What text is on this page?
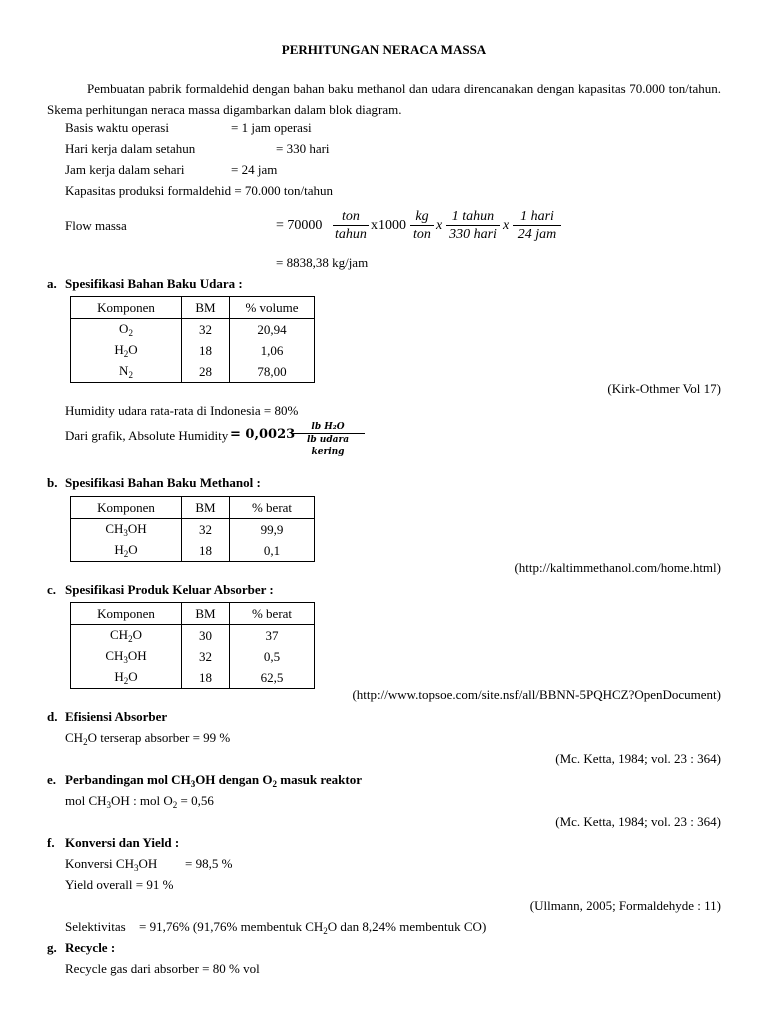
PERHITUNGAN NERACA MASSA
Pembuatan pabrik formaldehid dengan bahan baku methanol dan udara direncanakan dengan kapasitas 70.000 ton/tahun. Skema perhitungan neraca massa digambarkan dalam blok diagram.
Basis waktu operasi	= 1 jam operasi
Hari kerja dalam setahun	= 330 hari
Jam kerja dalam sehari	= 24 jam
Kapasitas produksi formaldehid = 70.000 ton/tahun
Flow massa	= 70000
ton
tahun
x1000
kg
ton
x
1 tahun
330 hari
x
1 hari
24 jam
= 8838,38 kg/jam
a. Spesifikasi Bahan Baku Udara :
Komponen	BM	% volume
$O_2$	32	20,94
$H_2O$	18	1,06
$N_2$	28	78,00
(Kirk-Othmer Vol 17)
Humidity udara rata-rata di Indonesia = 80%
Dari grafik, Absolute Humidity = 0,0023	lb H₂O
lb udara kering
b. Spesifikasi Bahan Baku Methanol :
Komponen	BM	% berat
$CH_3OH$	32	99,9
$H_2O$	18	0,1
(http://kaltimmethanol.com/home.html)
c. Spesifikasi Produk Keluar Absorber :
Komponen	BM	% berat
$CH_2O$	30	37
$CH_3OH$	32	0,5
$H_2O$	18	62,5
(http://www.topsoe.com/site.nsf/all/BBNN-5PQHCZ?OpenDocument)
d. Efisiensi Absorber
$CH_2O$ terserap absorber = 99 %
(Mc. Ketta, 1984; vol. 23 : 364)
e. Perbandingan mol $CH_3OH$ dengan $O_2$ masuk reaktor
mol $CH_3OH$ : mol $O_2 = 0,56$
(Mc. Ketta, 1984; vol. 23 : 364)
f. Konversi dan Yield :
Konversi $CH_3OH = 98,5$ %
Yield overall = 91 %
(Ullmann, 2005; Formaldehyde : 11)
Selektivitas = 91,76% (91,76% membentuk $CH_2O$ dan 8,24% membentuk CO)
g. Recycle :
Recycle gas dari absorber = 80 % vol
